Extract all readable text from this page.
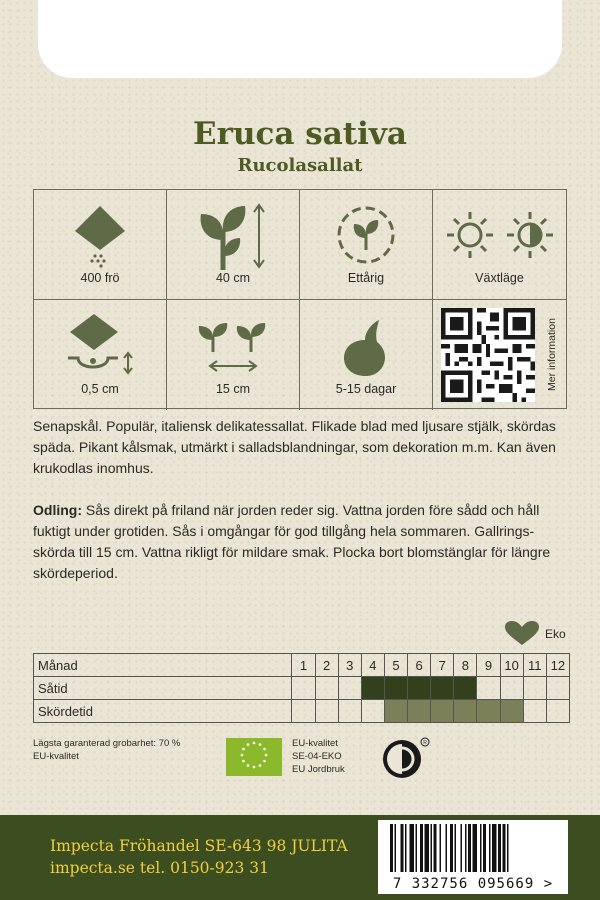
Eruca sativa
Rucolasallat
400 frö	40 cm	Ettårig	Växtläge
0,5 cm	15 cm	5-15 dagar	Mer information
Senapskål. Populär, italiensk delikatessallat. Flikade blad med ljusare stjälk, skördas späda. Pikant kålsmak, utmärkt i salladsblandningar, som dekoration m.m. Kan även krukodlas inomhus.
Odling: Sås direkt på friland när jorden reder sig. Vattna jorden före sådd och håll fuktigt under grotiden. Sås i omgångar för god tillgång hela sommaren. Gallrings-skörda till 15 cm. Vattna rikligt för mildare smak. Plocka bort blomstänglar för längre skördeperiod.
Eko
Månad	1	2	3	4	5	6	7	8	9	10	11	12
Såtid												
Skördetid												
Lägsta garanterad grobarhet: 70 %
EU-kvalitet
EU-kvalitet
SE-04-EKO
EU Jordbruk
R
Impecta Fröhandel SE-643 98 JULITA
impecta.se tel. 0150-923 31
7 332756 095669 >
